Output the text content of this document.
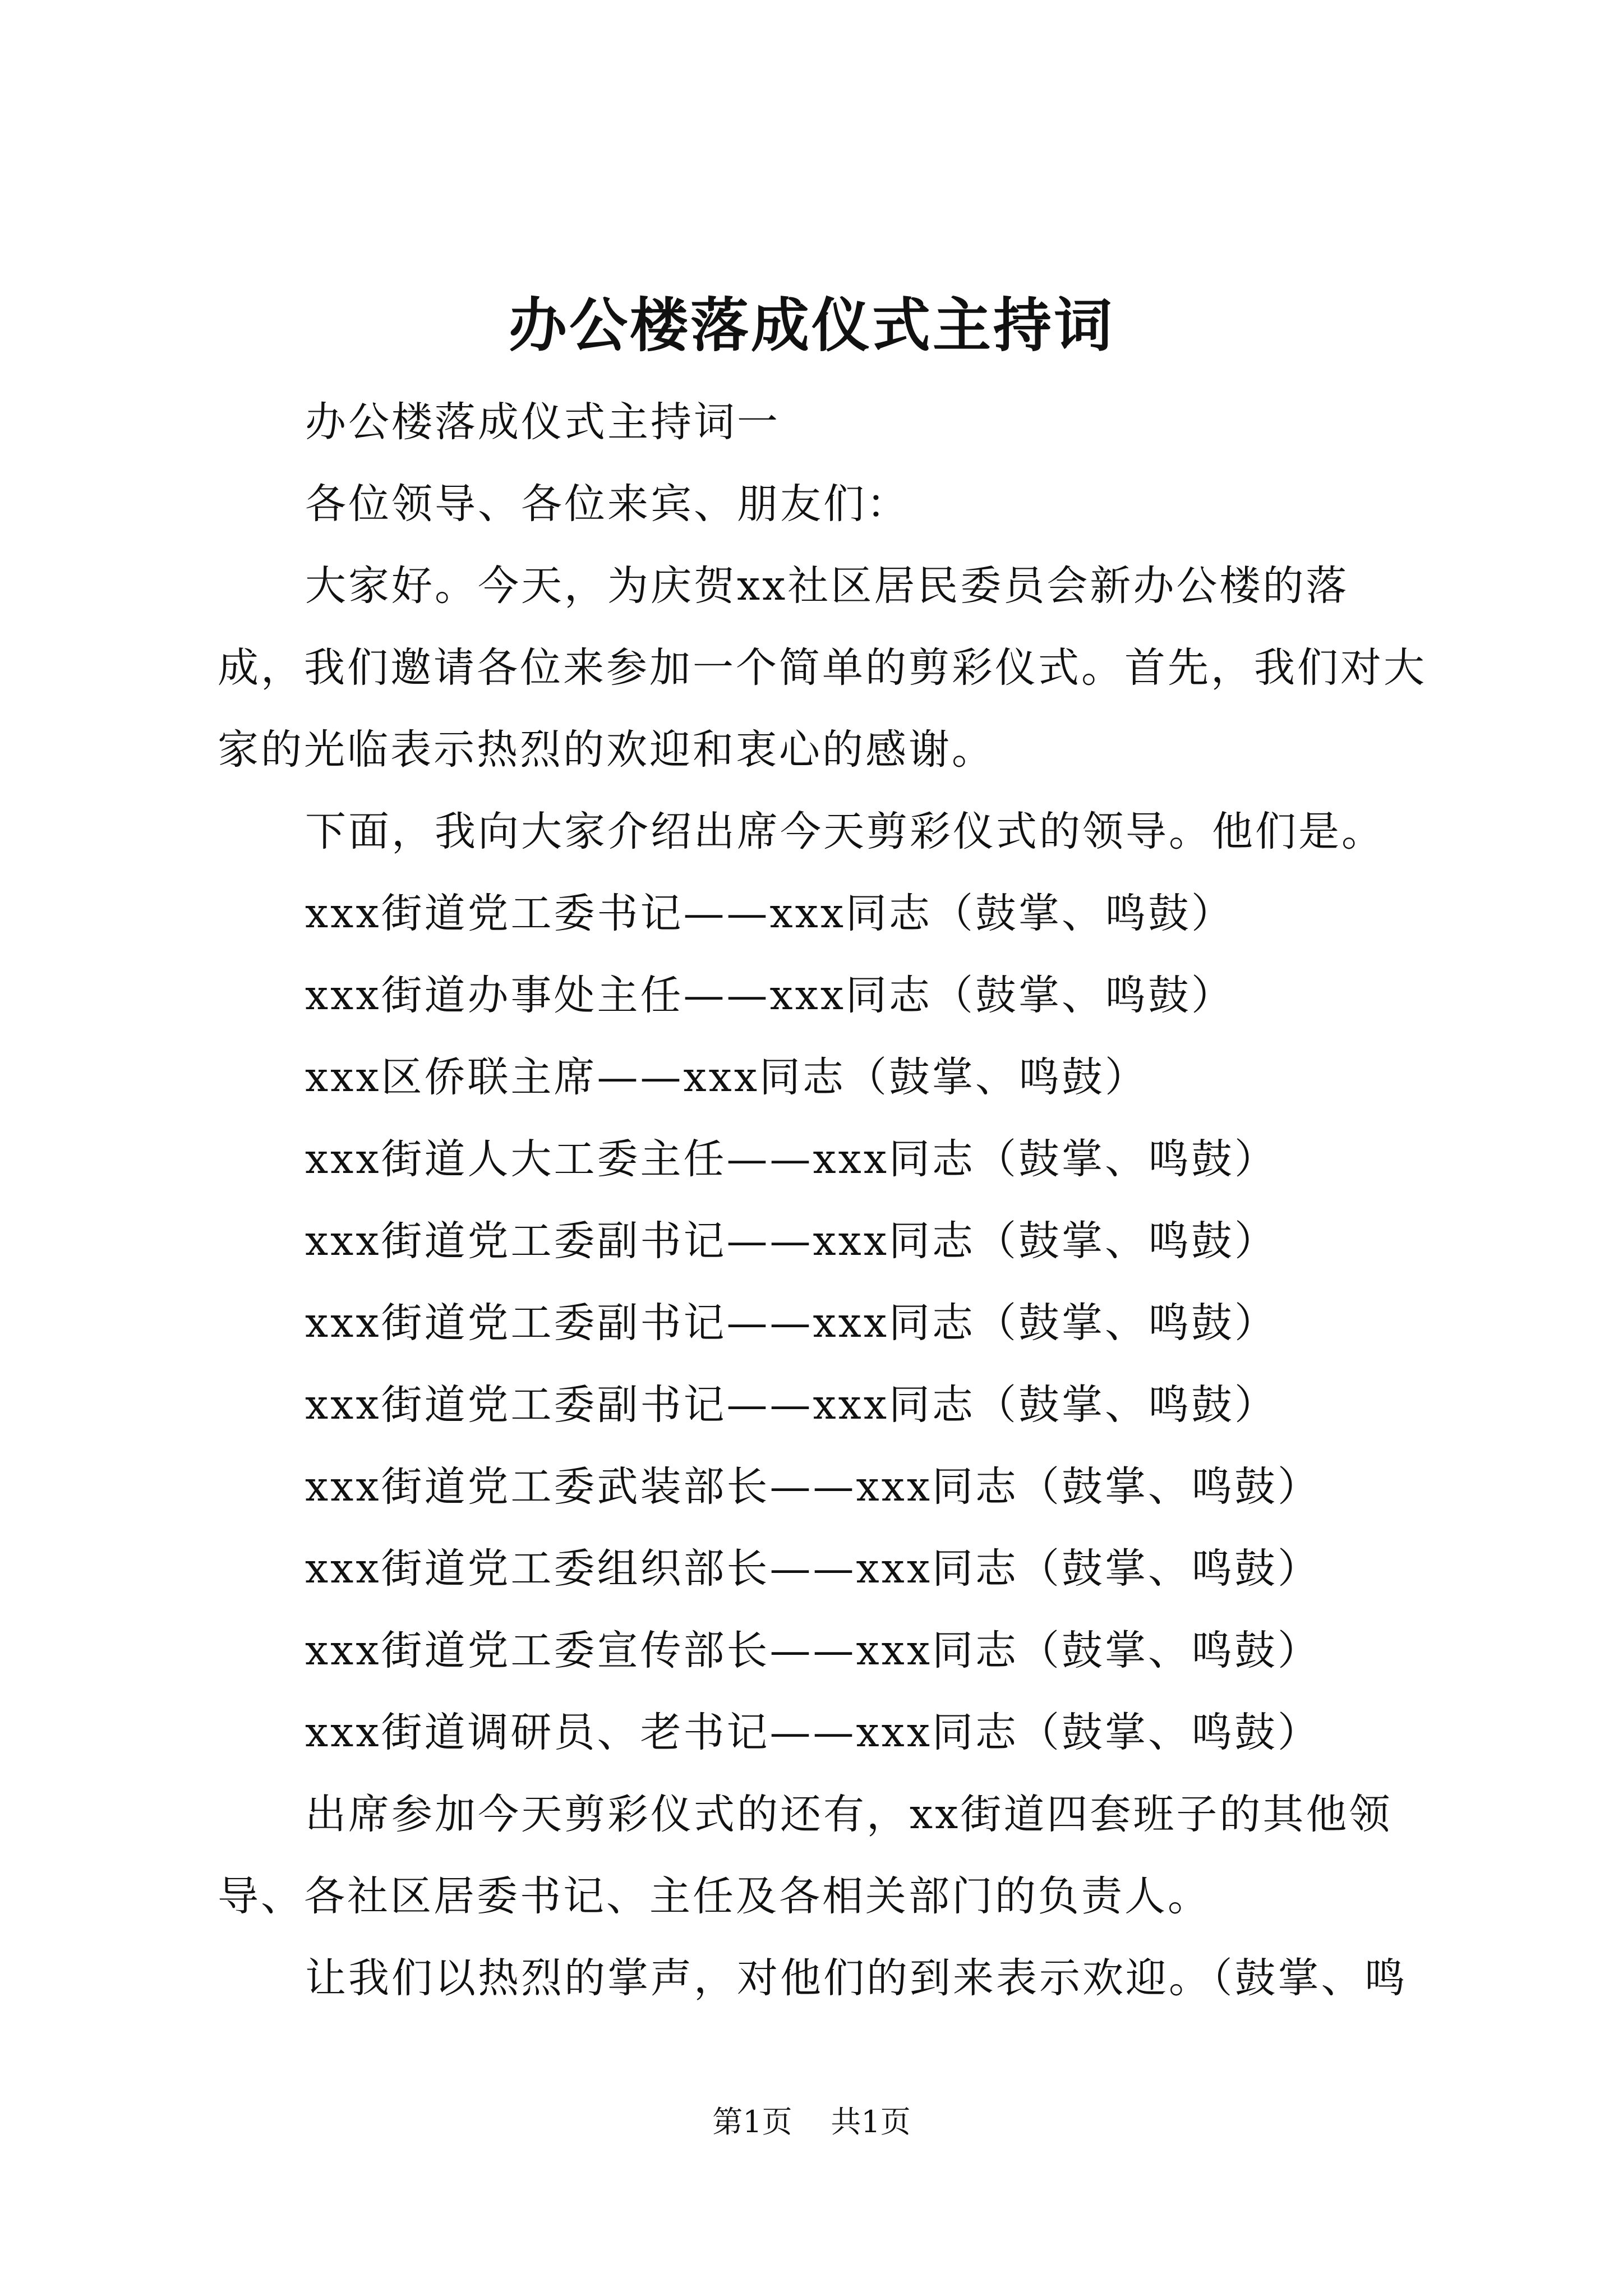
办公楼落成仪式主持词

办公楼落成仪式主持词一

各位领导、各位来宾、朋友们：

大家好。今天，为庆贺xx社区居民委员会新办公楼的落成，我们邀请各位来参加一个简单的剪彩仪式。首先，我们对大家的光临表示热烈的欢迎和衷心的感谢。

下面，我向大家介绍出席今天剪彩仪式的领导。他们是。

xxx街道党工委书记——xxx同志（鼓掌、鸣鼓）

xxx街道办事处主任——xxx同志（鼓掌、鸣鼓）

xxx区侨联主席——xxx同志（鼓掌、鸣鼓）

xxx街道人大工委主任——xxx同志（鼓掌、鸣鼓）

xxx街道党工委副书记——xxx同志（鼓掌、鸣鼓）

xxx街道党工委副书记——xxx同志（鼓掌、鸣鼓）

xxx街道党工委副书记——xxx同志（鼓掌、鸣鼓）

xxx街道党工委武装部长——xxx同志（鼓掌、鸣鼓）

xxx街道党工委组织部长——xxx同志（鼓掌、鸣鼓）

xxx街道党工委宣传部长——xxx同志（鼓掌、鸣鼓）

xxx街道调研员、老书记——xxx同志（鼓掌、鸣鼓）

出席参加今天剪彩仪式的还有，xx街道四套班子的其他领导、各社区居委书记、主任及各相关部门的负责人。

让我们以热烈的掌声，对他们的到来表示欢迎。（鼓掌、鸣

第1页 共1页
